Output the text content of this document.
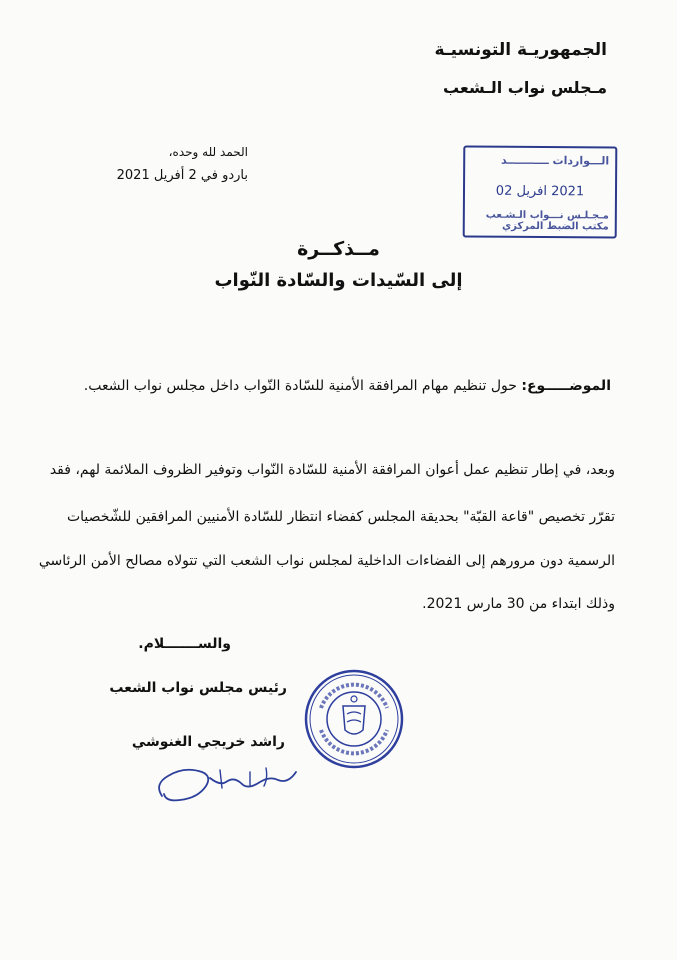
الجمهوريـة التونسيـة
مـجلس نواب الـشعب
الحمد لله وحده،
باردو في 2 أفريل 2021
الـــواردات ـــــــــــد
2021 افريل 02
مـجـلـس نـــواب الـشـعب
مكتب الضبط المركزي
مــذكــرة
إلى السّيدات والسّادة النّواب
الموضـــــوع: حول تنظيم مهام المرافقة الأمنية للسّادة النّواب داخل مجلس نواب الشعب.
وبعد، في إطار تنظيم عمل أعوان المرافقة الأمنية للسّادة النّواب وتوفير الظروف الملائمة لهم، فقد
تقرّر تخصيص "قاعة القبّة" بحديقة المجلس كفضاء انتظار للسّادة الأمنيين المرافقين للشّخصيات
الرسمية دون مرورهم إلى الفضاءات الداخلية لمجلس نواب الشعب التي تتولاه مصالح الأمن الرئاسي
وذلك ابتداء من 30 مارس 2021.
والســـــــلام.
رئيس مجلس نواب الشعب
راشد خريجي الغنوشي
